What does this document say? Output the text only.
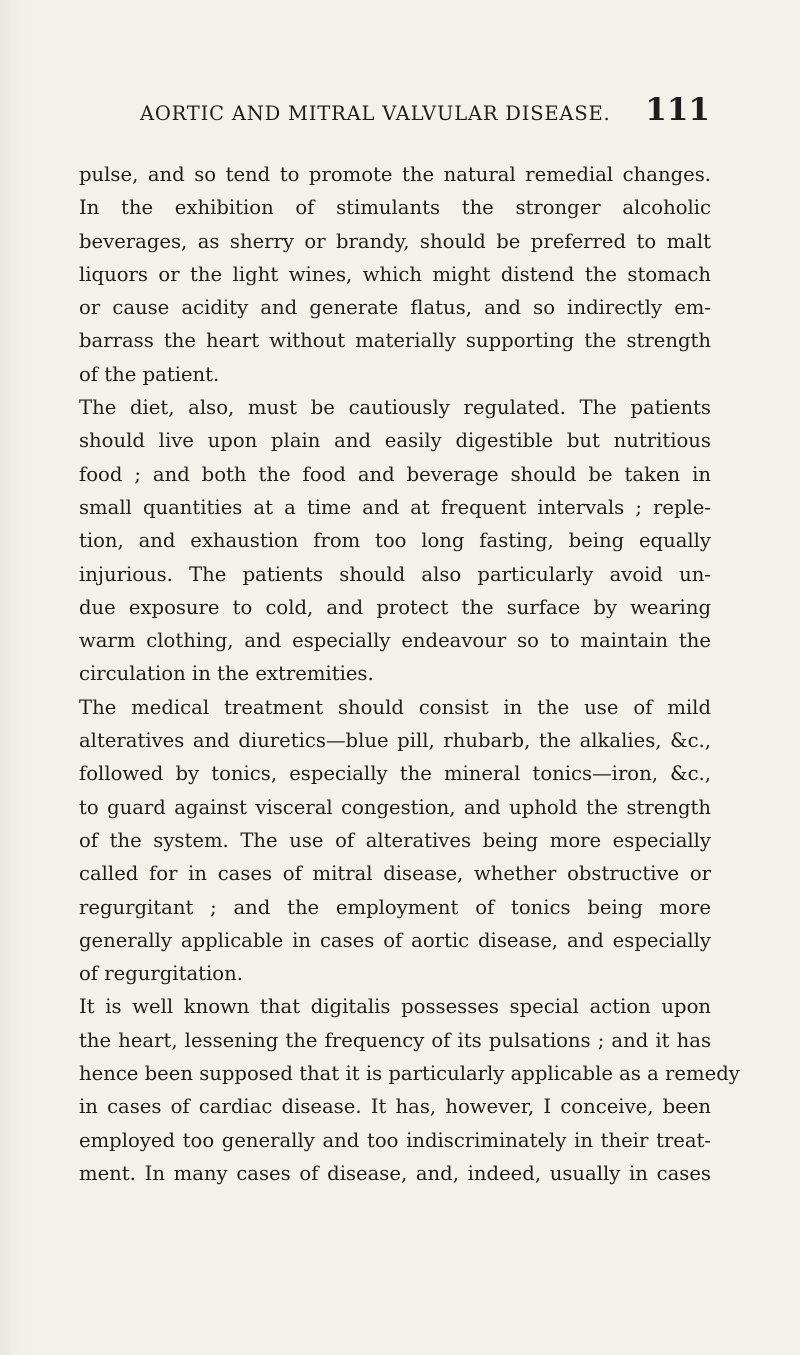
AORTIC AND MITRAL VALVULAR DISEASE. 111
pulse, and so tend to promote the natural remedial changes.
In the exhibition of stimulants the stronger alcoholic
beverages, as sherry or brandy, should be preferred to malt
liquors or the light wines, which might distend the stomach
or cause acidity and generate flatus, and so indirectly em-
barrass the heart without materially supporting the strength
of the patient.
The diet, also, must be cautiously regulated. The patients
should live upon plain and easily digestible but nutritious
food ; and both the food and beverage should be taken in
small quantities at a time and at frequent intervals ; reple-
tion, and exhaustion from too long fasting, being equally
injurious. The patients should also particularly avoid un-
due exposure to cold, and protect the surface by wearing
warm clothing, and especially endeavour so to maintain the
circulation in the extremities.
The medical treatment should consist in the use of mild
alteratives and diuretics—blue pill, rhubarb, the alkalies, &c.,
followed by tonics, especially the mineral tonics—iron, &c.,
to guard against visceral congestion, and uphold the strength
of the system. The use of alteratives being more especially
called for in cases of mitral disease, whether obstructive or
regurgitant ; and the employment of tonics being more
generally applicable in cases of aortic disease, and especially
of regurgitation.
It is well known that digitalis possesses special action upon
the heart, lessening the frequency of its pulsations ; and it has
hence been supposed that it is particularly applicable as a remedy
in cases of cardiac disease. It has, however, I conceive, been
employed too generally and too indiscriminately in their treat-
ment. In many cases of disease, and, indeed, usually in cases
